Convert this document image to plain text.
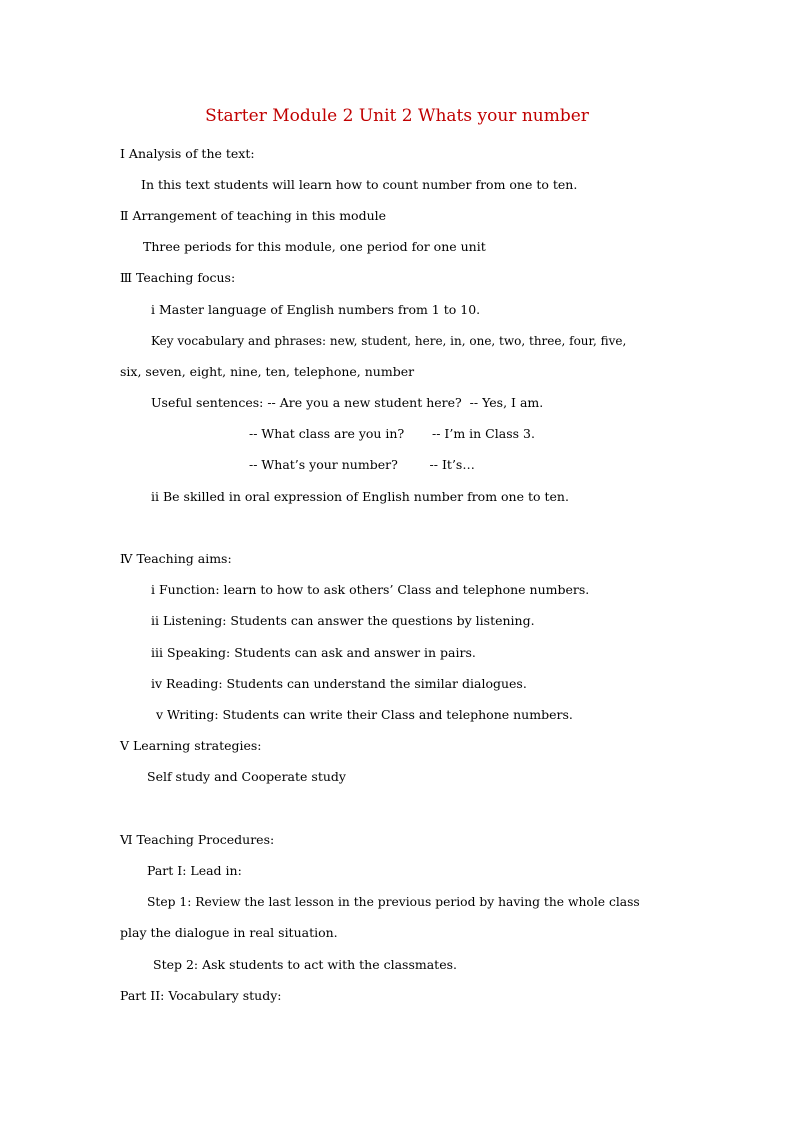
Starter Module 2 Unit 2 Whats your number
Ⅰ Analysis of the text:
In this text students will learn how to count number from one to ten.
Ⅱ Arrangement of teaching in this module
Three periods for this module, one period for one unit
Ⅲ Teaching focus:
ⅰ Master language of English numbers from 1 to 10.
Key vocabulary and phrases: new, student, here, in, one, two, three, four, five,
six, seven, eight, nine, ten, telephone, number
Useful sentences: -- Are you a new student here?  -- Yes, I am.
-- What class are you in?       -- I’m in Class 3.
-- What’s your number?        -- It’s…
ⅱ Be skilled in oral expression of English number from one to ten.
Ⅳ Teaching aims:
ⅰ Function: learn to how to ask others’ Class and telephone numbers.
ⅱ Listening: Students can answer the questions by listening.
ⅲ Speaking: Students can ask and answer in pairs.
ⅳ Reading: Students can understand the similar dialogues.
ⅴ Writing: Students can write their Class and telephone numbers.
Ⅴ Learning strategies:
Self study and Cooperate study
Ⅵ Teaching Procedures:
Part I: Lead in:
Step 1: Review the last lesson in the previous period by having the whole class
play the dialogue in real situation.
Step 2: Ask students to act with the classmates.
Part II: Vocabulary study:
